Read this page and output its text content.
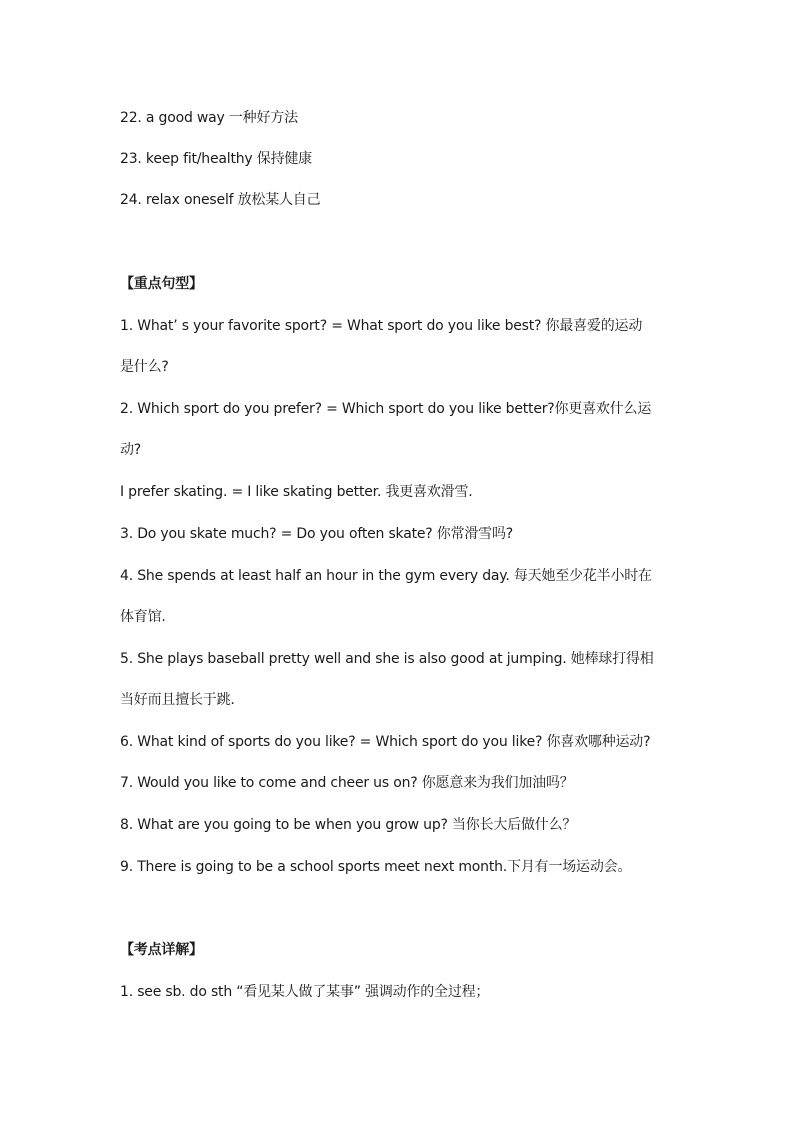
22. a good way 一种好方法
23. keep fit/healthy 保持健康
24. relax oneself 放松某人自己
【重点句型】
1. What’ s your favorite sport? = What sport do you like best? 你最喜爱的运动
是什么?
2. Which sport do you prefer? = Which sport do you like better?你更喜欢什么运
动?
I prefer skating. = I like skating better. 我更喜欢滑雪.
3. Do you skate much? = Do you often skate? 你常滑雪吗?
4. She spends at least half an hour in the gym every day. 每天她至少花半小时在
体育馆.
5. She plays baseball pretty well and she is also good at jumping. 她棒球打得相
当好而且擅长于跳.
6. What kind of sports do you like? = Which sport do you like? 你喜欢哪种运动?
7. Would you like to come and cheer us on? 你愿意来为我们加油吗？
8. What are you going to be when you grow up? 当你长大后做什么？
9. There is going to be a school sports meet next month.下月有一场运动会。
【考点详解】
1. see sb. do sth “看见某人做了某事” 强调动作的全过程；
